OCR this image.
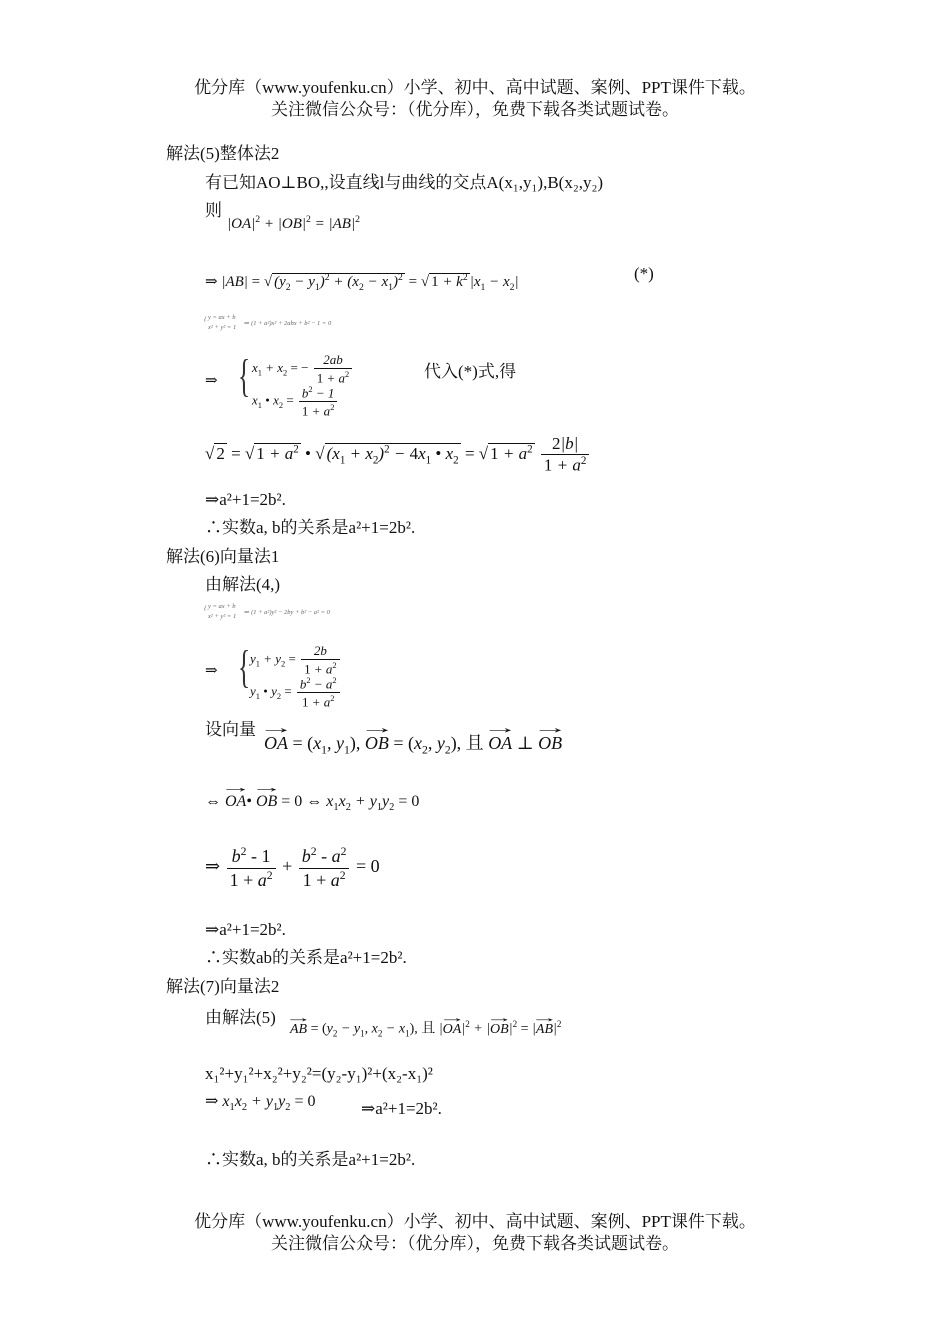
优分库（www.youfenku.cn）小学、初中、高中试题、案例、PPT课件下载。
关注微信公众号：（优分库），免费下载各类试题试卷。
解法(5)整体法2
有已知AO⊥BO,,设直线l与曲线的交点A(x₁,y₁),B(x₂,y₂)
则
$|OA|^2 + |OB|^2 = |AB|^2$
⇒ |AB| = √ $(y_2 - y_1)^2 + (x_2 - x_1)^2$ = √ $1 + k^2$ $|x_1 - x_2|$	(*)
{ y = ax + b
x² + y² = 1
⇒ (1 + a²)x² + 2abx + b² − 1 = 0
⇒ { $x_1 + x_2$ = − $\frac{2ab}{1 + a^2}$	代入(*)式,得
$x_1$ • $x_2 = \frac{b^2 - 1}{1 + a^2}$
√ 2 = √ $1 + a^2$ • √ $(x_1 + x_2)^2 - 4x_1$ • $x_2$ = √ $1 + a^2 \frac{2|b|}{1 + a^2}$
⇒a²+1=2b².
∴实数a, b的关系是a²+1=2b².
解法(6)向量法1
由解法(4,)
{ y = ax + b
x² + y² = 1
⇒ (1 + a²)y² − 2by + b² − a² = 0
⇒ { $y_1 + y_2 = \frac{2b}{1 + a^2}$
$y_1$ • $y_2 = \frac{b^2 - a^2}{1 + a^2}$
设向量
→ OA = ($x_1$, $y_1$), → OB = ($x_2$, $y_2$), 且 → OA ⊥ → OB
⇔ → OA• → OB = 0 ⇔ $x_1x_2 + y_1y_2 = 0$
⇒ $\frac{b^2 - 1}{1 + a^2} + \frac{b^2 - a^2}{1 + a^2} = 0$
⇒a²+1=2b².
∴实数ab的关系是a²+1=2b².
解法(7)向量法2
由解法(5)
→ AB = ($y_2 - y_1$, $x_2 - x_1$), 且 |→ $OA|^2$ + |→ $OB|^2$ = |→ $AB|^2$
x₁²+y₁²+x₂²+y₂²=(y₂-y₁)²+(x₂-x₁)²
⇒ $x_1x_2 + y_1y_2 = 0$	⇒a²+1=2b².
∴实数a, b的关系是a²+1=2b².
优分库（www.youfenku.cn）小学、初中、高中试题、案例、PPT课件下载。
关注微信公众号：（优分库），免费下载各类试题试卷。
